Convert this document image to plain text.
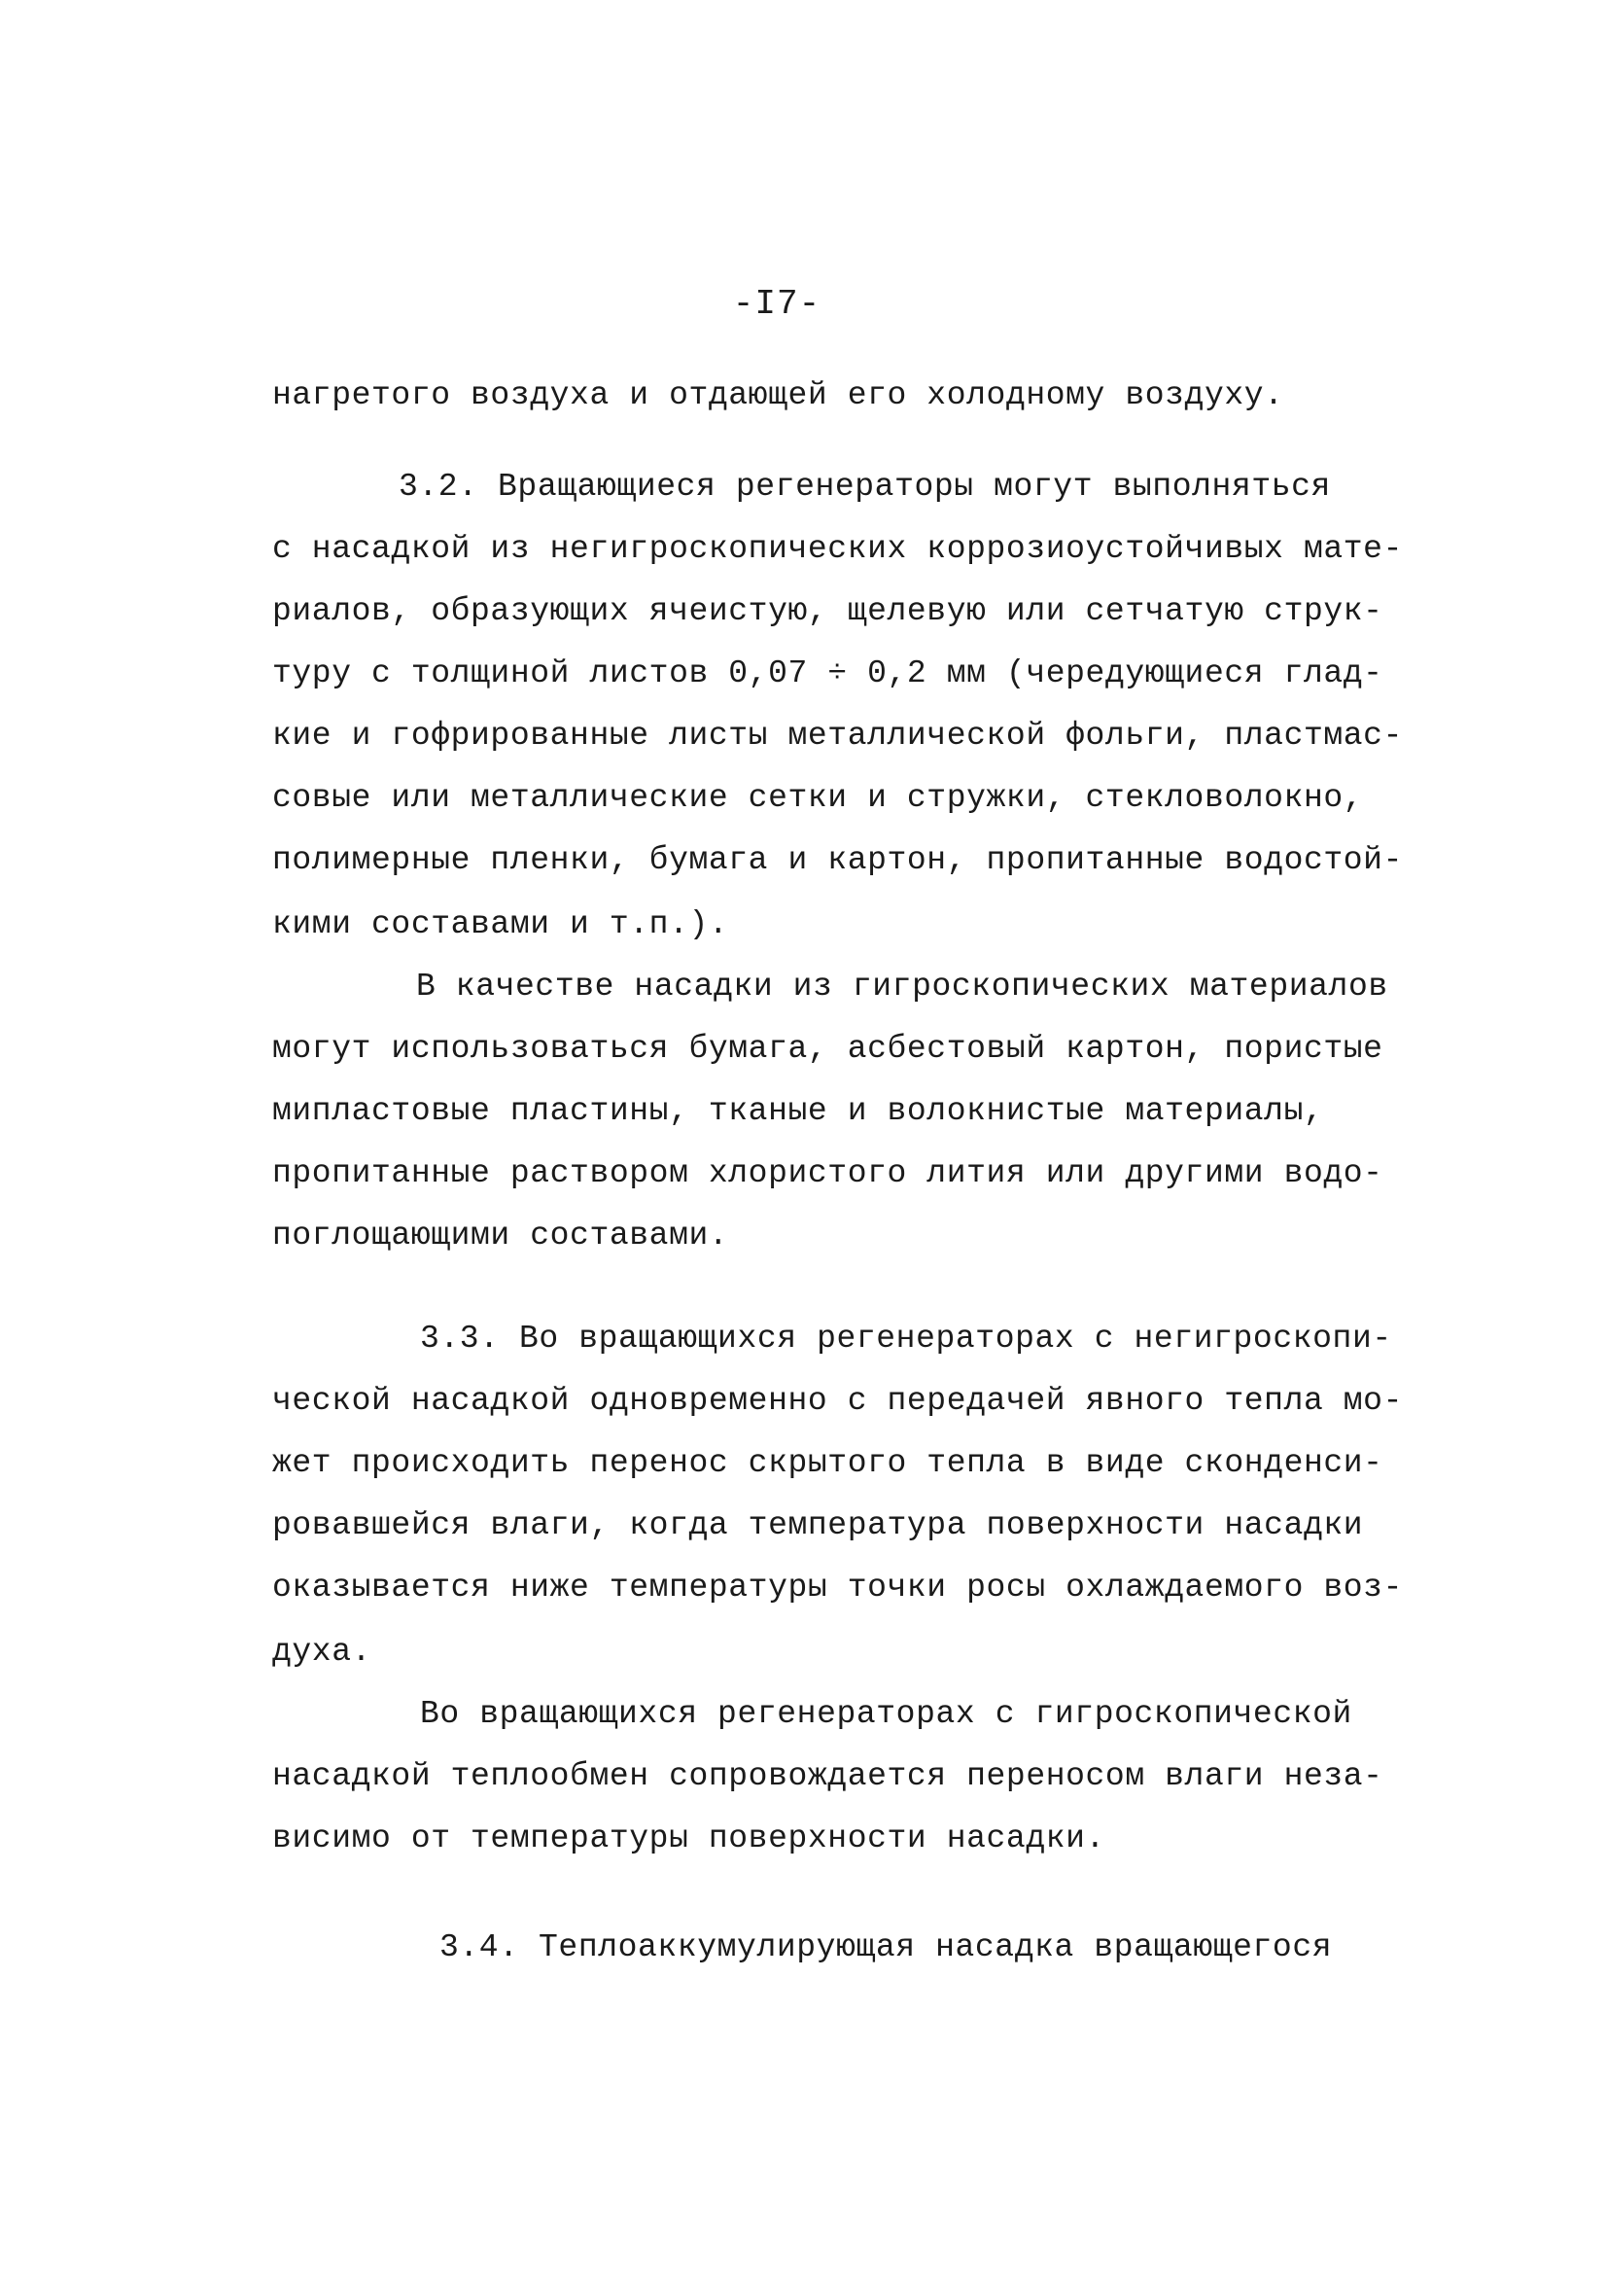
-I7-
нагретого воздуха и отдающей его холодному воздуху.
3.2. Вращающиеся регенераторы могут выполняться
с насадкой из негигроскопических коррозиоустойчивых мате-
риалов, образующих ячеистую, щелевую или сетчатую струк-
туру с толщиной листов 0,07 ÷ 0,2 мм (чередующиеся глад-
кие и гофрированные листы металлической фольги, пластмас-
совые или металлические сетки и стружки, стекловолокно,
полимерные пленки, бумага и картон, пропитанные водостой-
кими составами и т.п.).
В качестве насадки из гигроскопических материалов
могут использоваться бумага, асбестовый картон, пористые
мипластовые пластины, тканые и волокнистые материалы,
пропитанные раствором хлористого лития или другими водо-
поглощающими составами.
3.3. Во вращающихся регенераторах с негигроскопи-
ческой насадкой одновременно с передачей явного тепла мо-
жет происходить перенос скрытого тепла в виде сконденси-
ровавшейся влаги, когда температура поверхности насадки
оказывается ниже температуры точки росы охлаждаемого воз-
духа.
Во вращающихся регенераторах с гигроскопической
насадкой теплообмен сопровождается переносом влаги неза-
висимо от температуры поверхности насадки.
3.4. Теплоаккумулирующая насадка вращающегося
